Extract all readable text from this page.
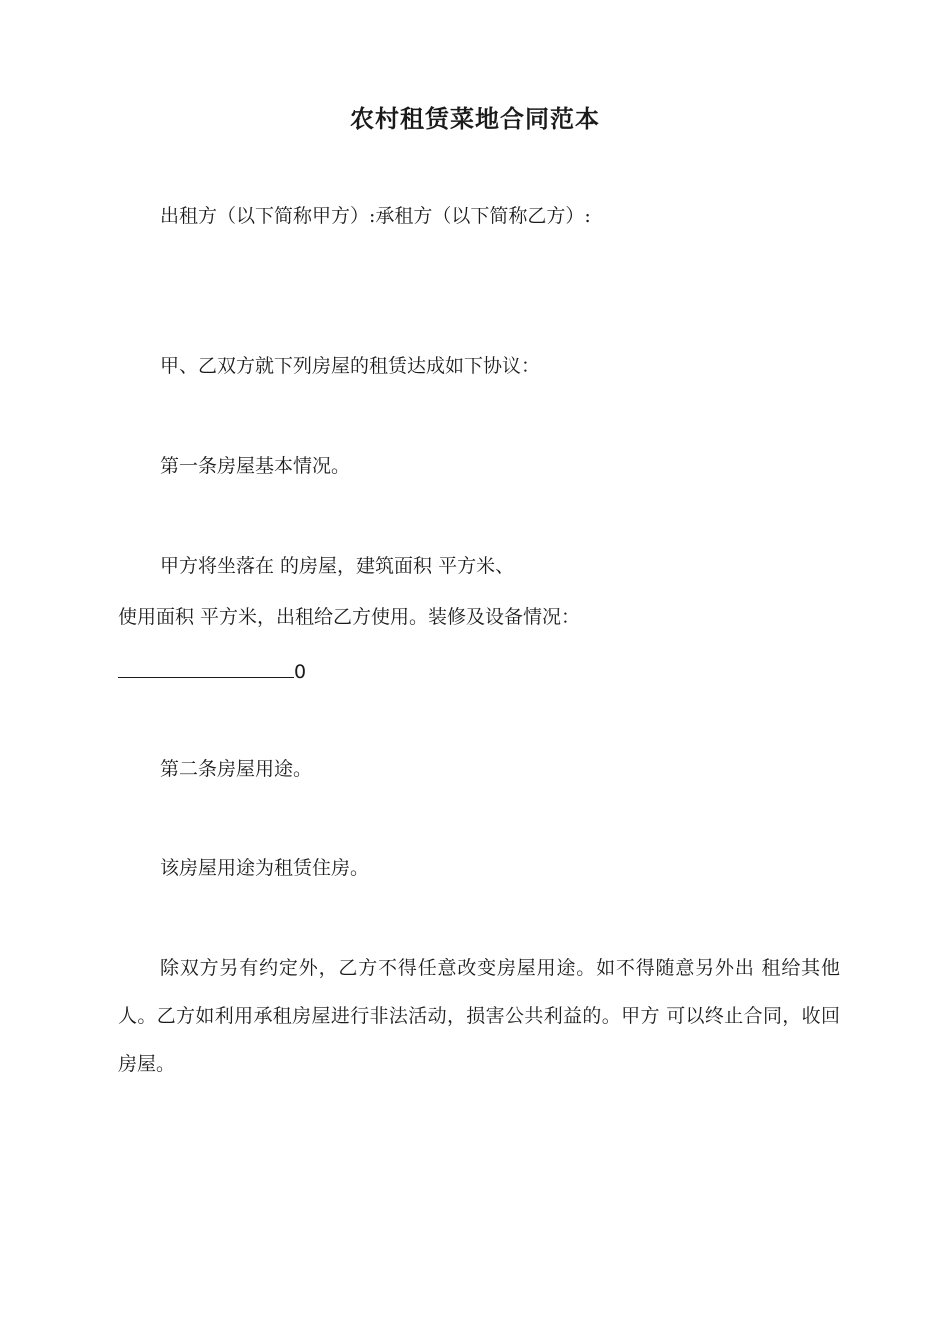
农村租赁菜地合同范本
出租方（以下简称甲方）:承租方（以下简称乙方）:
甲、乙双方就下列房屋的租赁达成如下协议：
第一条房屋基本情况。
甲方将坐落在 的房屋，建筑面积 平方米、
使用面积 平方米，出租给乙方使用。装修及设备情况：
0
第二条房屋用途。
该房屋用途为租赁住房。
除双方另有约定外，乙方不得任意改变房屋用途。如不得随意另外出 租给其他人。乙方如利用承租房屋进行非法活动，损害公共利益的。甲方 可以终止合同，收回房屋。
